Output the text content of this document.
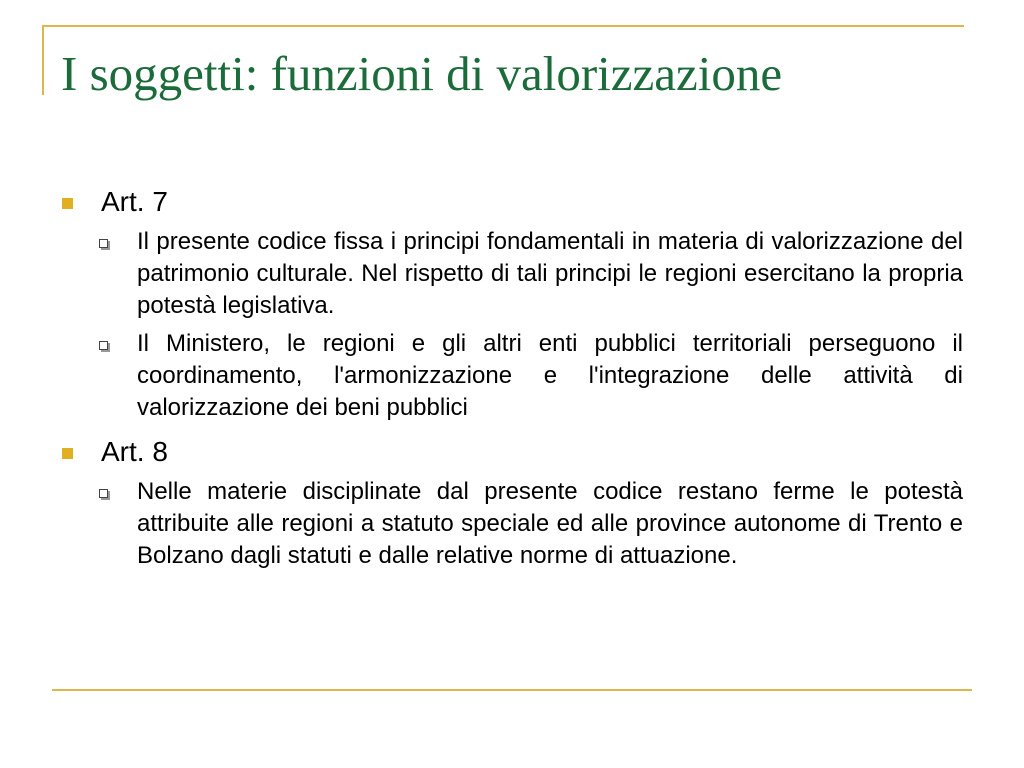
I soggetti: funzioni di valorizzazione
Art. 7
Il presente codice fissa i principi fondamentali in materia di valorizzazione del patrimonio culturale. Nel rispetto di tali principi le regioni esercitano la propria potestà legislativa.
Il Ministero, le regioni e gli altri enti pubblici territoriali perseguono il coordinamento, l'armonizzazione e l'integrazione delle attività di valorizzazione dei beni pubblici
Art. 8
Nelle materie disciplinate dal presente codice restano ferme le potestà attribuite alle regioni a statuto speciale ed alle province autonome di Trento e Bolzano dagli statuti e dalle relative norme di attuazione.
